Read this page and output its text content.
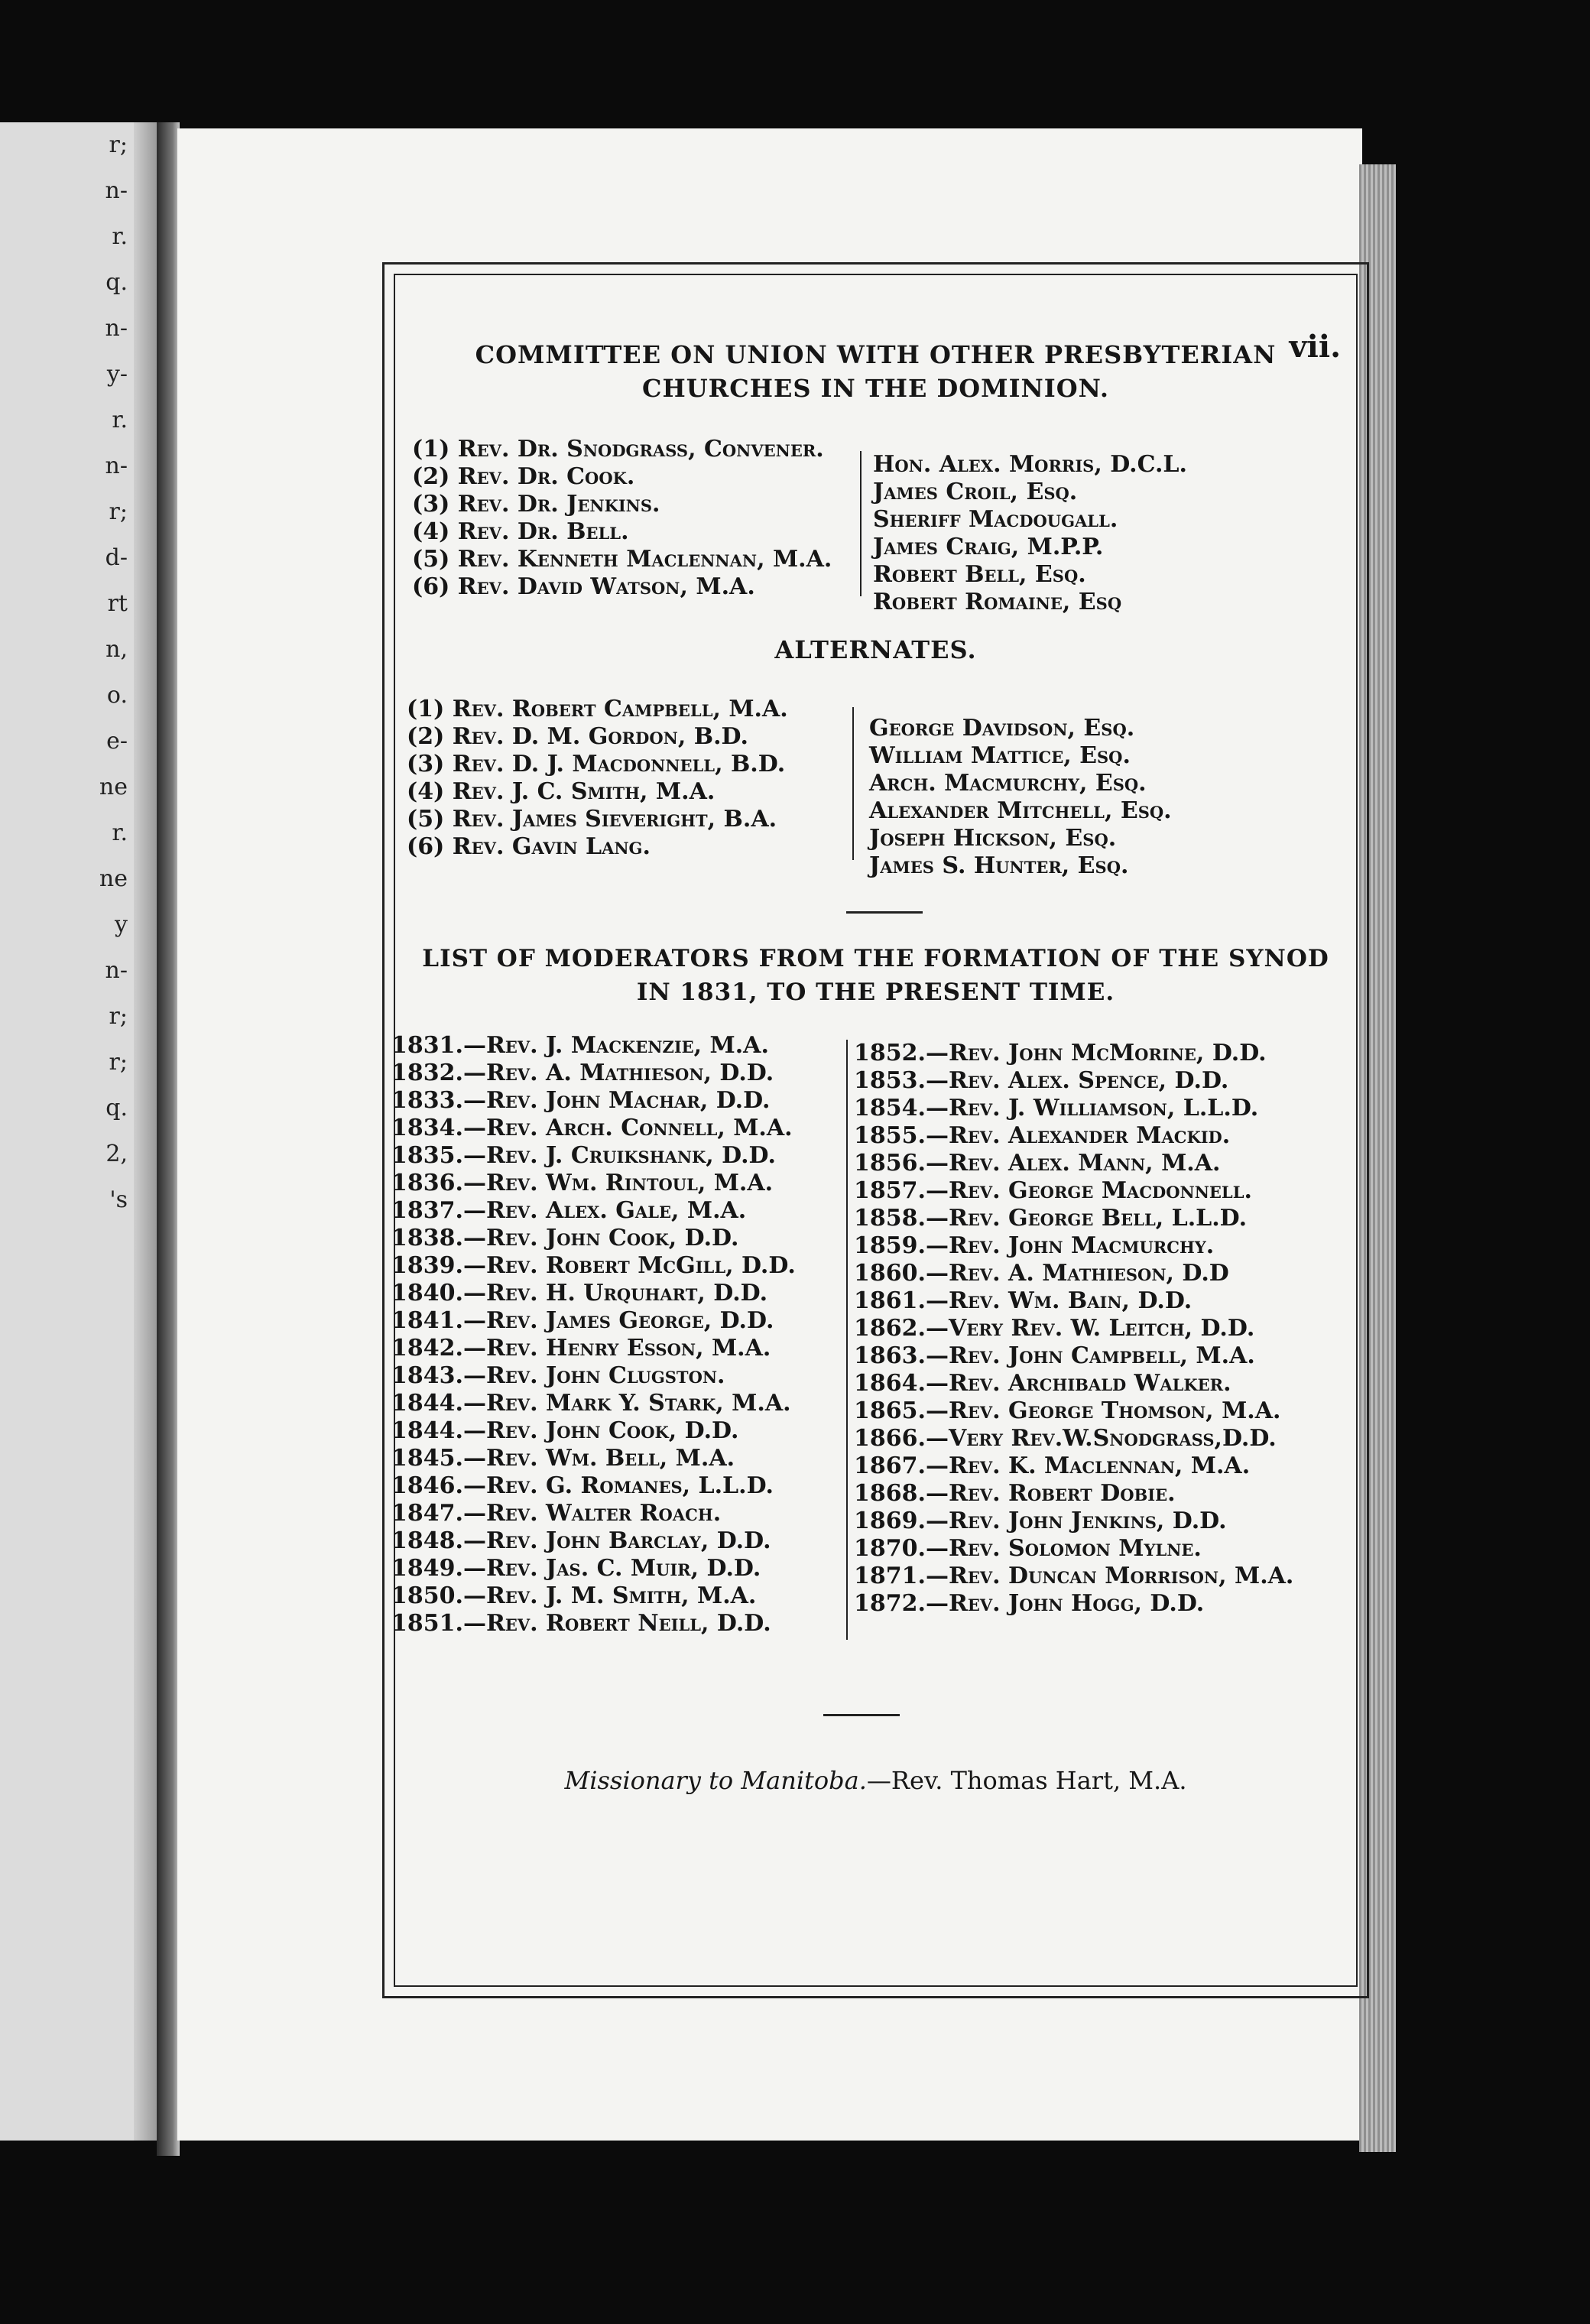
r;
n-
r.
q.
n-
y-
r.
n-
r;
d-
rt
n,
o.
e-
ne
r.
ne
y
n-
r;
r;
q.
2,
's
vii.
COMMITTEE ON UNION WITH OTHER PRESBYTERIAN
CHURCHES IN THE DOMINION.
(1) Rev. Dr. Snodgrass, Convener.
(2) Rev. Dr. Cook.
(3) Rev. Dr. Jenkins.
(4) Rev. Dr. Bell.
(5) Rev. Kenneth Maclennan, M.A.
(6) Rev. David Watson, M.A.
Hon. Alex. Morris, D.C.L.
James Croil, Esq.
Sheriff Macdougall.
James Craig, M.P.P.
Robert Bell, Esq.
Robert Romaine, Esq
ALTERNATES.
(1) Rev. Robert Campbell, M.A.
(2) Rev. D. M. Gordon, B.D.
(3) Rev. D. J. Macdonnell, B.D.
(4) Rev. J. C. Smith, M.A.
(5) Rev. James Sieveright, B.A.
(6) Rev. Gavin Lang.
George Davidson, Esq.
William Mattice, Esq.
Arch. Macmurchy, Esq.
Alexander Mitchell, Esq.
Joseph Hickson, Esq.
James S. Hunter, Esq.
LIST OF MODERATORS FROM THE FORMATION OF THE SYNOD
IN 1831, TO THE PRESENT TIME.
1831.—Rev. J. Mackenzie, M.A.
1832.—Rev. A. Mathieson, D.D.
1833.—Rev. John Machar, D.D.
1834.—Rev. Arch. Connell, M.A.
1835.—Rev. J. Cruikshank, D.D.
1836.—Rev. Wm. Rintoul, M.A.
1837.—Rev. Alex. Gale, M.A.
1838.—Rev. John Cook, D.D.
1839.—Rev. Robert McGill, D.D.
1840.—Rev. H. Urquhart, D.D.
1841.—Rev. James George, D.D.
1842.—Rev. Henry Esson, M.A.
1843.—Rev. John Clugston.
1844.—Rev. Mark Y. Stark, M.A.
1844.—Rev. John Cook, D.D.
1845.—Rev. Wm. Bell, M.A.
1846.—Rev. G. Romanes, L.L.D.
1847.—Rev. Walter Roach.
1848.—Rev. John Barclay, D.D.
1849.—Rev. Jas. C. Muir, D.D.
1850.—Rev. J. M. Smith, M.A.
1851.—Rev. Robert Neill, D.D.
1852.—Rev. John McMorine, D.D.
1853.—Rev. Alex. Spence, D.D.
1854.—Rev. J. Williamson, L.L.D.
1855.—Rev. Alexander Mackid.
1856.—Rev. Alex. Mann, M.A.
1857.—Rev. George Macdonnell.
1858.—Rev. George Bell, L.L.D.
1859.—Rev. John Macmurchy.
1860.—Rev. A. Mathieson, D.D
1861.—Rev. Wm. Bain, D.D.
1862.—Very Rev. W. Leitch, D.D.
1863.—Rev. John Campbell, M.A.
1864.—Rev. Archibald Walker.
1865.—Rev. George Thomson, M.A.
1866.—Very Rev.W.Snodgrass,D.D.
1867.—Rev. K. Maclennan, M.A.
1868.—Rev. Robert Dobie.
1869.—Rev. John Jenkins, D.D.
1870.—Rev. Solomon Mylne.
1871.—Rev. Duncan Morrison, M.A.
1872.—Rev. John Hogg, D.D.
Missionary to Manitoba.—Rev. Thomas Hart, M.A.
